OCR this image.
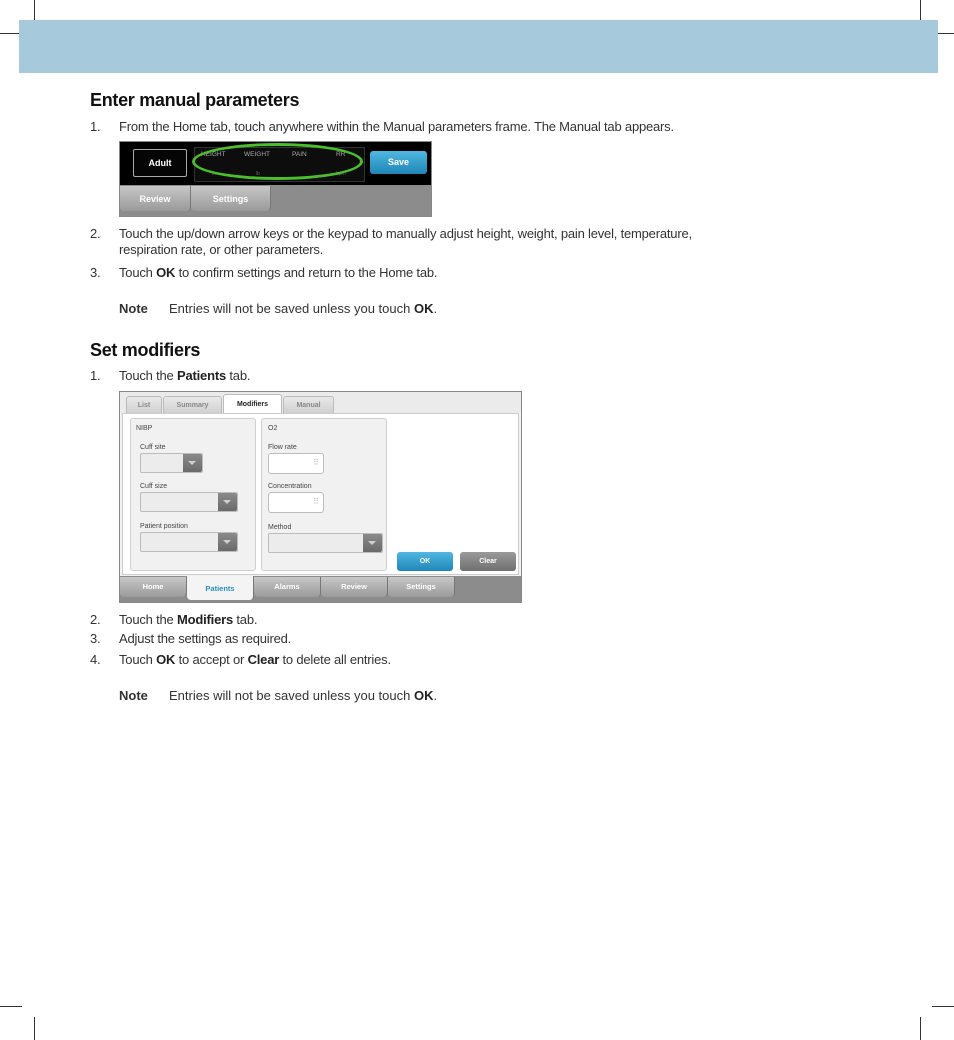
Enter manual parameters
1.	From the Home tab, touch anywhere within the Manual parameters frame. The Manual tab appears.
Adult
HEIGHT	WEIGHT	PAIN	RR
in	lb	bpm
Save
Review	Settings
2.	Touch the up/down arrow keys or the keypad to manually adjust height, weight, pain level, temperature, respiration rate, or other parameters.
3.	Touch OK to confirm settings and return to the Home tab.
Note Entries will not be saved unless you touch OK.
Set modifiers
1.	Touch the Patients tab.
List	Summary	Modifiers	Manual
NIBP
Cuff site
Cuff size
Patient position
O2
Flow rate
⠿
Concentration
⠿
Method
OK	Clear
Home	Patients	Alarms	Review	Settings
2.	Touch the Modifiers tab.
3.	Adjust the settings as required.
4.	Touch OK to accept or Clear to delete all entries.
Note Entries will not be saved unless you touch OK.
